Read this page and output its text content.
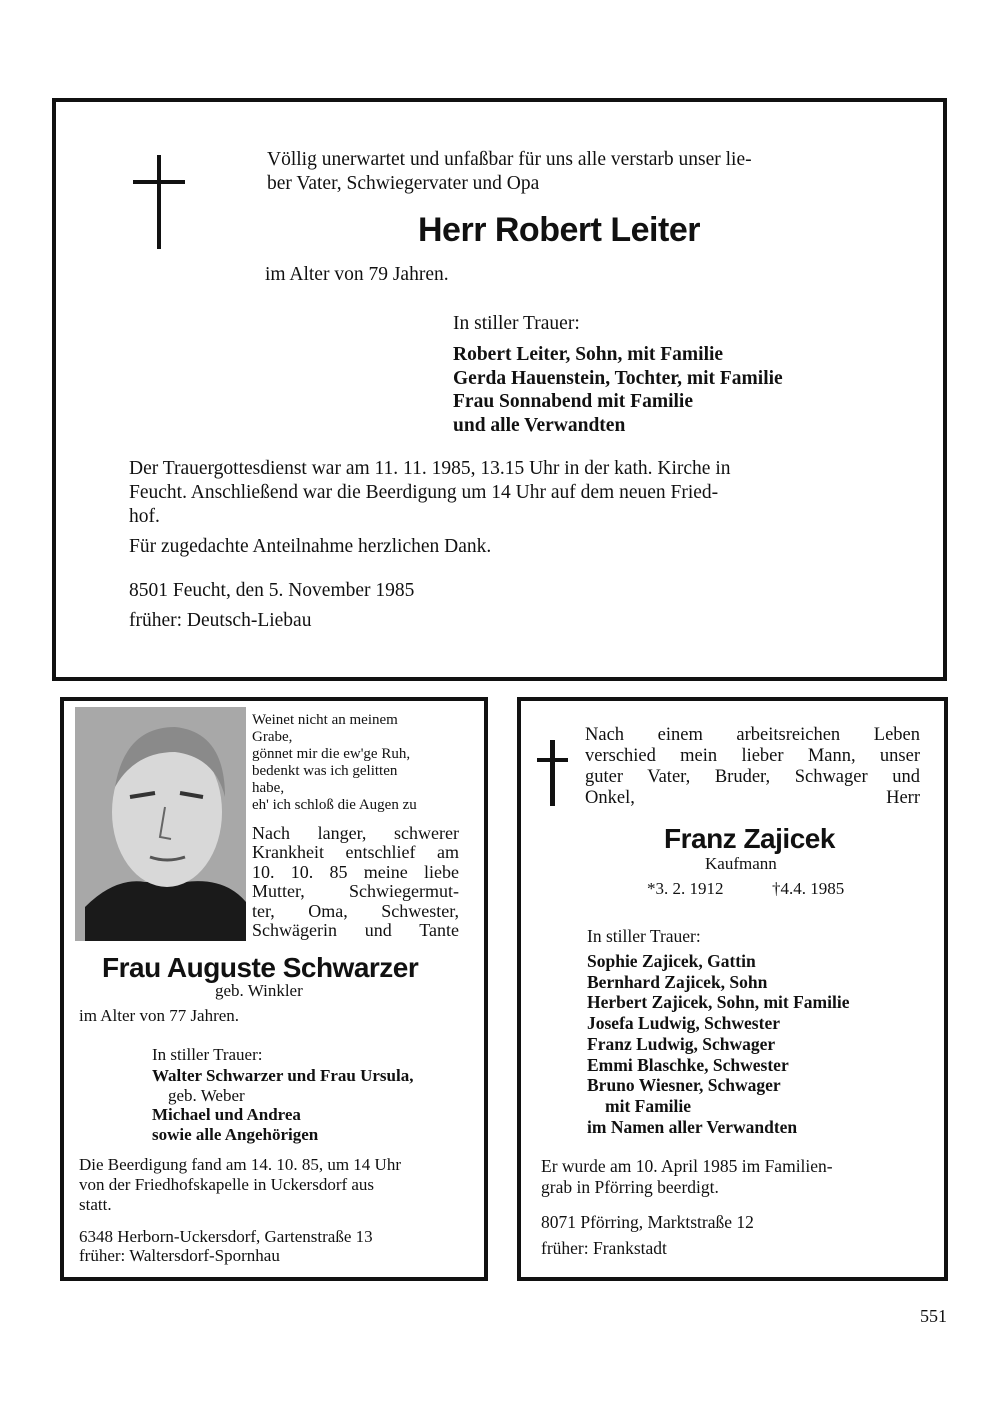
Völlig unerwartet und unfaßbar für uns alle verstarb unser lie-
ber Vater, Schwiegervater und Opa
Herr Robert Leiter
im Alter von 79 Jahren.
In stiller Trauer:
Robert Leiter, Sohn, mit Familie
Gerda Hauenstein, Tochter, mit Familie
Frau Sonnabend mit Familie
und alle Verwandten
Der Trauergottesdienst war am 11. 11. 1985, 13.15 Uhr in der kath. Kirche in
Feucht. Anschließend war die Beerdigung um 14 Uhr auf dem neuen Fried-
hof.
Für zugedachte Anteilnahme herzlichen Dank.
8501 Feucht, den 5. November 1985
früher: Deutsch-Liebau
Weinet nicht an meinem
Grabe,
gönnet mir die ew'ge Ruh,
bedenkt was ich gelitten
habe,
eh' ich schloß die Augen zu
Nach langer, schwerer
Krankheit entschlief am
10. 10. 85 meine liebe
Mutter, Schwiegermut-
ter, Oma, Schwester,
Schwägerin und Tante
Frau Auguste Schwarzer
geb. Winkler
im Alter von 77 Jahren.
In stiller Trauer:
Walter Schwarzer und Frau Ursula,
geb. Weber
Michael und Andrea
sowie alle Angehörigen
Die Beerdigung fand am 14. 10. 85, um 14 Uhr
von der Friedhofskapelle in Uckersdorf aus
statt.
6348 Herborn-Uckersdorf, Gartenstraße 13
früher: Waltersdorf-Spornhau
Nach einem arbeitsreichen Leben
verschied mein lieber Mann, unser
guter Vater, Bruder, Schwager und
Onkel, Herr
Franz Zajicek
Kaufmann
*3. 2. 1912	†4.4. 1985
In stiller Trauer:
Sophie Zajicek, Gattin
Bernhard Zajicek, Sohn
Herbert Zajicek, Sohn, mit Familie
Josefa Ludwig, Schwester
Franz Ludwig, Schwager
Emmi Blaschke, Schwester
Bruno Wiesner, Schwager
mit Familie
im Namen aller Verwandten
Er wurde am 10. April 1985 im Familien-
grab in Pförring beerdigt.
8071 Pförring, Marktstraße 12
früher: Frankstadt
551
